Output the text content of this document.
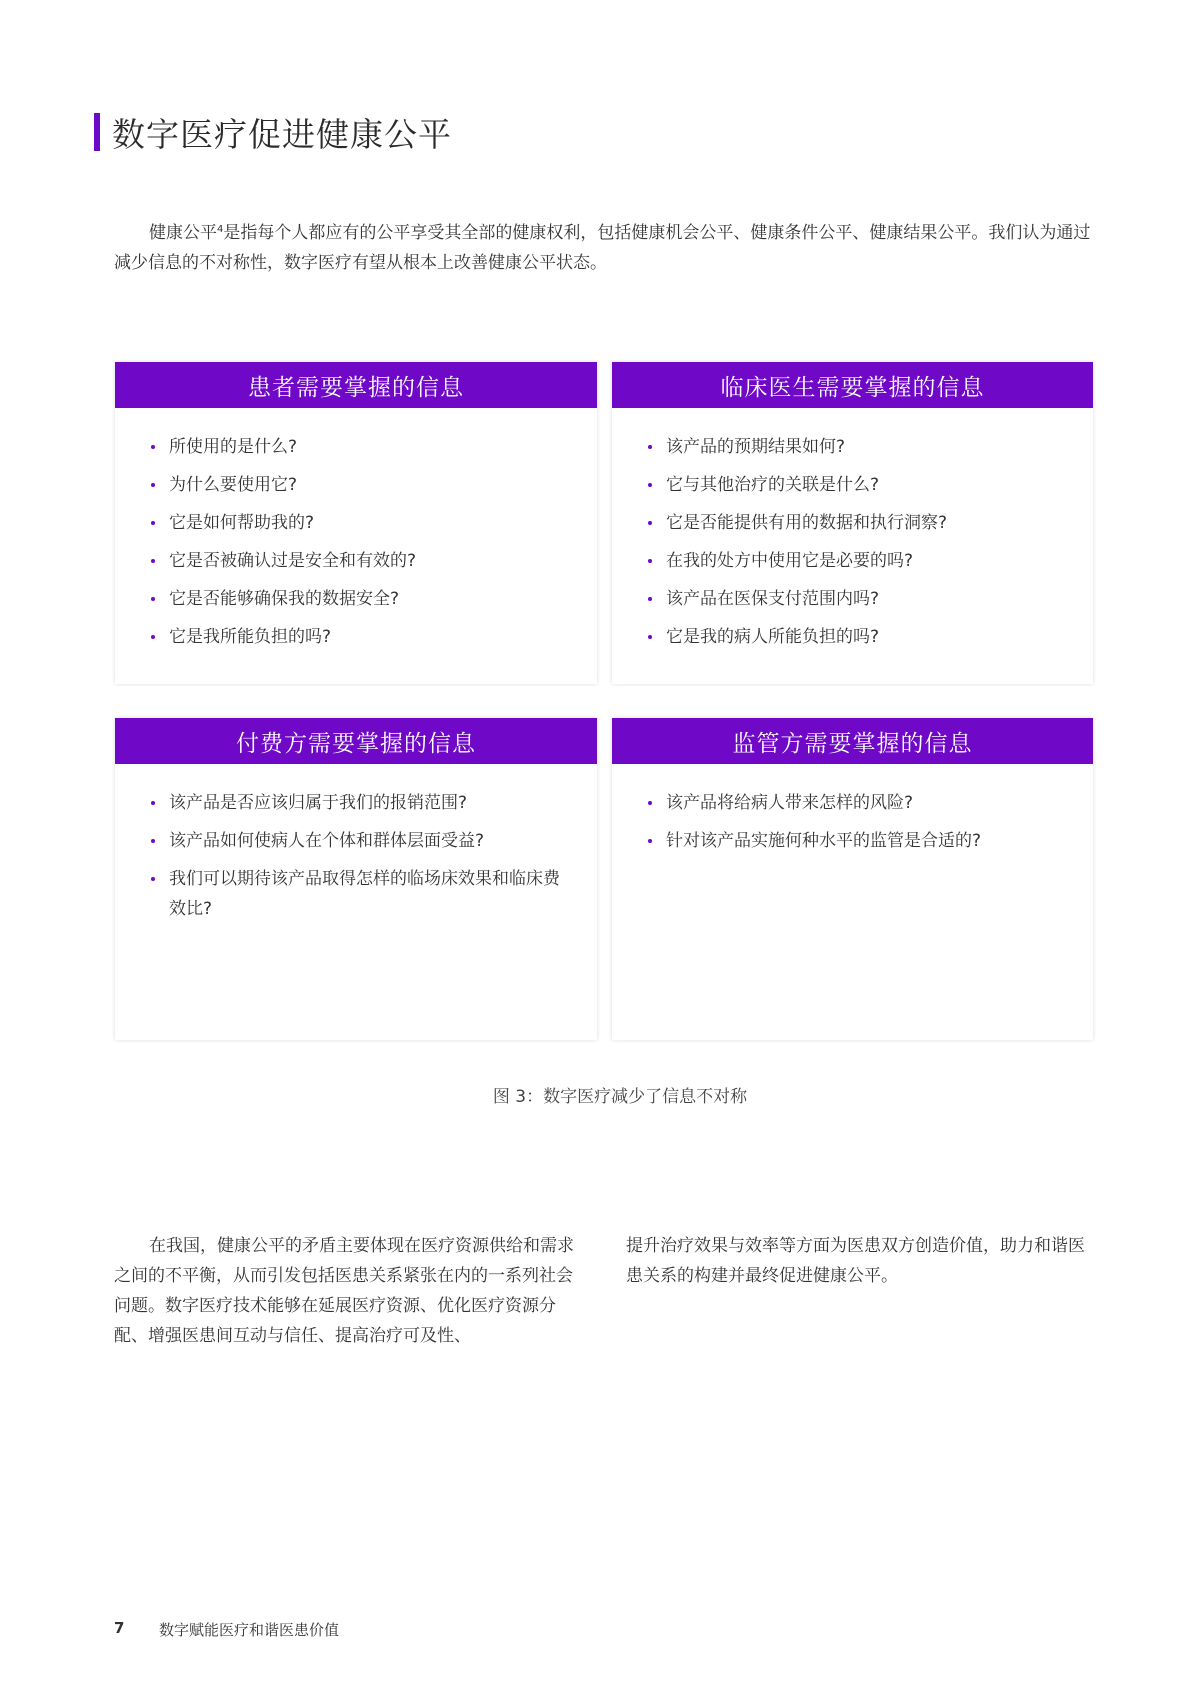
数字医疗促进健康公平

健康公平$^4$是指每个人都应有的公平享受其全部的健康权利，包括健康机会公平、健康条件公平、健康结果公平。我们认为通过减少信息的不对称性，数字医疗有望从根本上改善健康公平状态。

患者需要掌握的信息
所使用的是什么?
为什么要使用它?
它是如何帮助我的?
它是否被确认过是安全和有效的?
它是否能够确保我的数据安全?
它是我所能负担的吗?
临床医生需要掌握的信息
该产品的预期结果如何?
它与其他治疗的关联是什么?
它是否能提供有用的数据和执行洞察?
在我的处方中使用它是必要的吗?
该产品在医保支付范围内吗?
它是我的病人所能负担的吗?
付费方需要掌握的信息
该产品是否应该归属于我们的报销范围?
该产品如何使病人在个体和群体层面受益?
我们可以期待该产品取得怎样的临场床效果和临床费效比?
监管方需要掌握的信息
该产品将给病人带来怎样的风险?
针对该产品实施何种水平的监管是合适的?
图 3：数字医疗减少了信息不对称

在我国，健康公平的矛盾主要体现在医疗资源供给和需求之间的不平衡，从而引发包括医患关系紧张在内的一系列社会问题。数字医疗技术能够在延展医疗资源、优化医疗资源分配、增强医患间互动与信任、提高治疗可及性、

提升治疗效果与效率等方面为医患双方创造价值，助力和谐医患关系的构建并最终促进健康公平。

7	数字赋能医疗和谐医患价值
